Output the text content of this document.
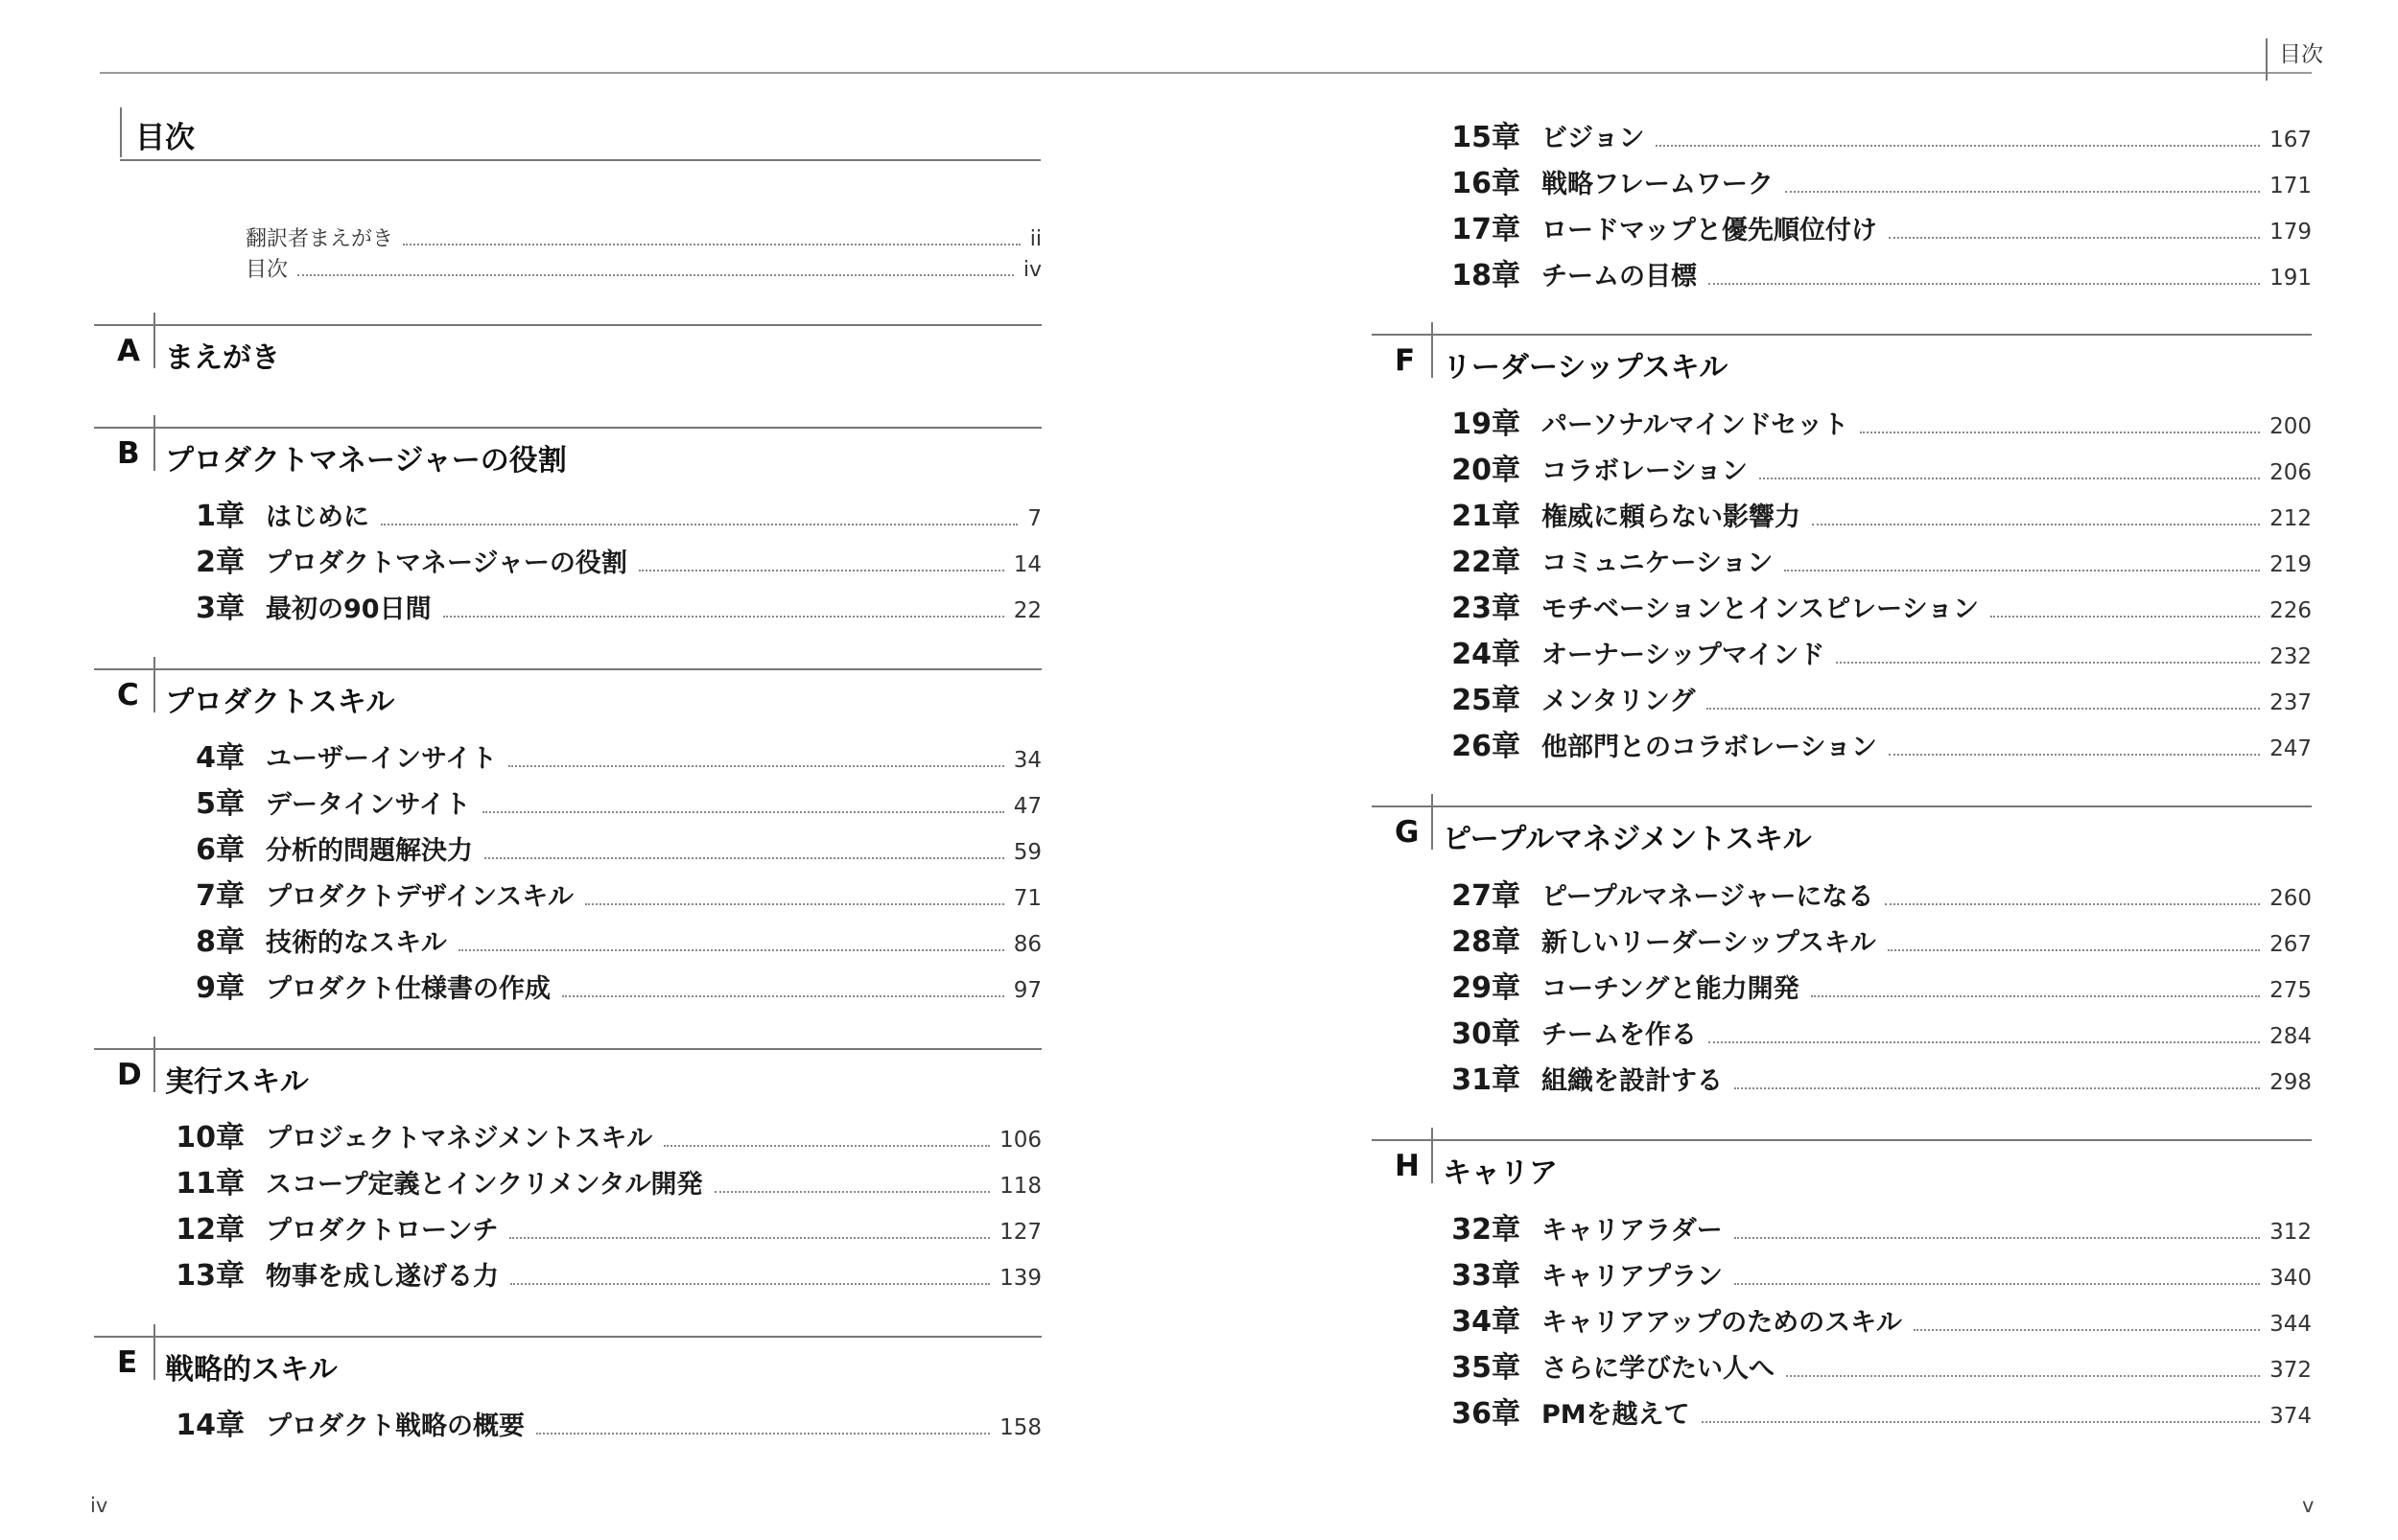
目次
目次
翻訳者まえがき	ii
目次	iv
A まえがき
B プロダクトマネージャーの役割
1章 はじめに	7
2章 プロダクトマネージャーの役割	14
3章 最初の90日間	22
C プロダクトスキル
4章 ユーザーインサイト	34
5章 データインサイト	47
6章 分析的問題解決力	59
7章 プロダクトデザインスキル	71
8章 技術的なスキル	86
9章 プロダクト仕様書の作成	97
D 実行スキル
10章 プロジェクトマネジメントスキル	106
11章 スコープ定義とインクリメンタル開発	118
12章 プロダクトローンチ	127
13章 物事を成し遂げる力	139
E 戦略的スキル
14章 プロダクト戦略の概要	158
15章 ビジョン	167
16章 戦略フレームワーク	171
17章 ロードマップと優先順位付け	179
18章 チームの目標	191
F リーダーシップスキル
19章 パーソナルマインドセット	200
20章 コラボレーション	206
21章 権威に頼らない影響力	212
22章 コミュニケーション	219
23章 モチベーションとインスピレーション	226
24章 オーナーシップマインド	232
25章 メンタリング	237
26章 他部門とのコラボレーション	247
G ピープルマネジメントスキル
27章 ピープルマネージャーになる	260
28章 新しいリーダーシップスキル	267
29章 コーチングと能力開発	275
30章 チームを作る	284
31章 組織を設計する	298
H キャリア
32章 キャリアラダー	312
33章 キャリアプラン	340
34章 キャリアアップのためのスキル	344
35章 さらに学びたい人へ	372
36章 PMを越えて	374
iv	v
